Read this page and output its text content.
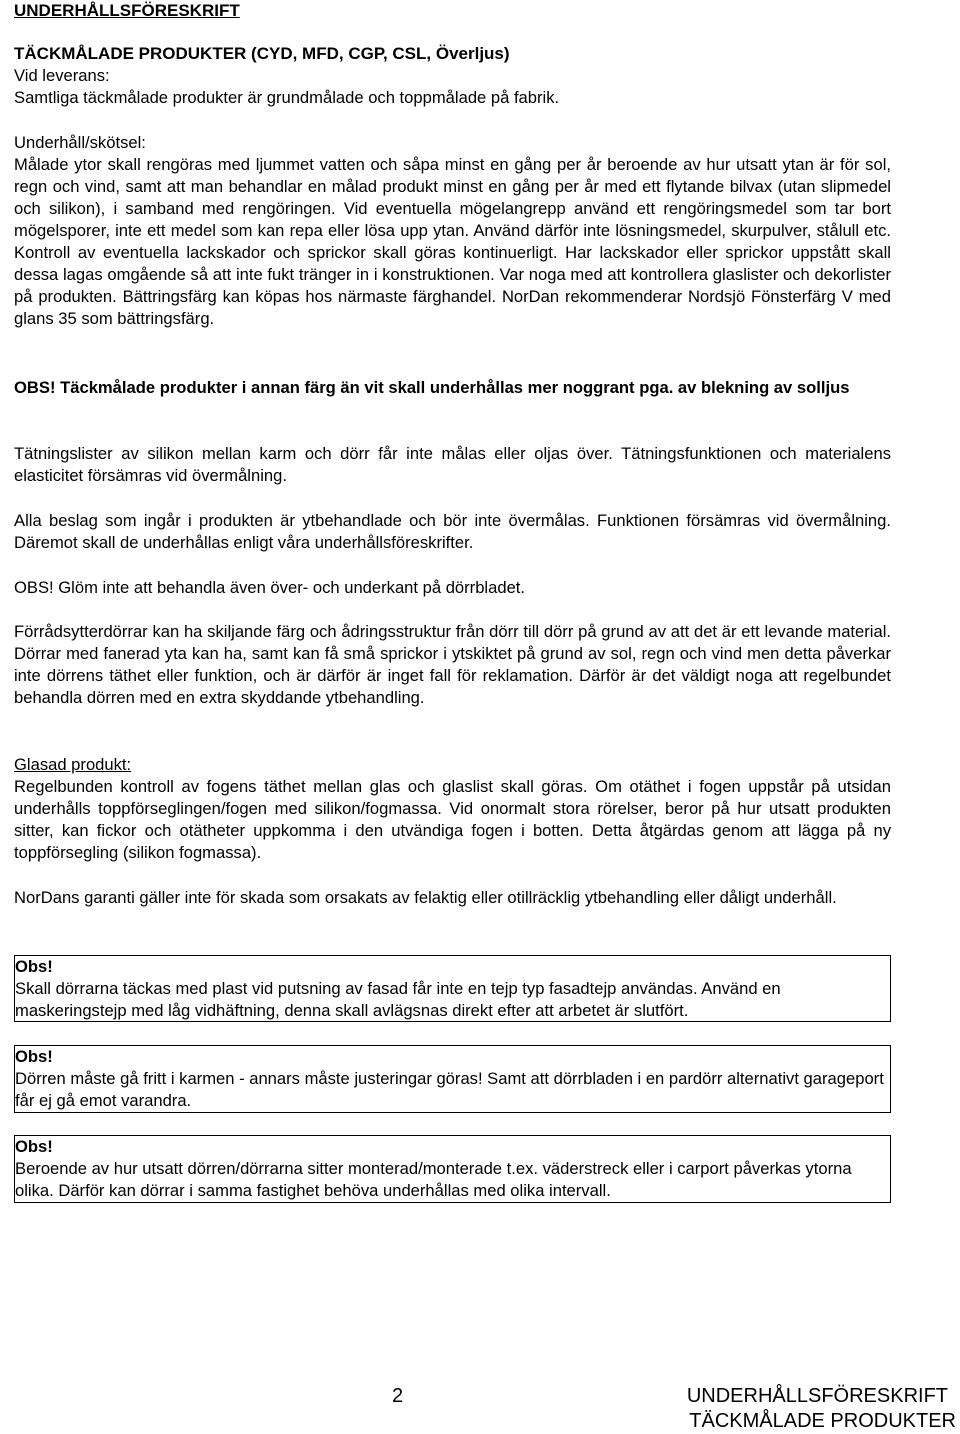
UNDERHÅLLSFÖRESKRIFT
TÄCKMÅLADE PRODUKTER (CYD, MFD, CGP, CSL, Överljus)

Vid leverans:

Samtliga täckmålade produkter är grundmålade och toppmålade på fabrik.

Underhåll/skötsel:

Målade ytor skall rengöras med ljummet vatten och såpa minst en gång per år beroende av hur utsatt ytan är för sol, regn och vind, samt att man behandlar en målad produkt minst en gång per år med ett flytande bilvax (utan slipmedel och silikon), i samband med rengöringen. Vid eventuella mögelangrepp använd ett rengöringsmedel som tar bort mögelsporer, inte ett medel som kan repa eller lösa upp ytan. Använd därför inte lösningsmedel, skurpulver, stålull etc. Kontroll av eventuella lackskador och sprickor skall göras kontinuerligt. Har lackskador eller sprickor uppstått skall dessa lagas omgående så att inte fukt tränger in i konstruktionen. Var noga med att kontrollera glaslister och dekorlister på produkten. Bättringsfärg kan köpas hos närmaste färghandel. NorDan rekommenderar Nordsjö Fönsterfärg V med glans 35 som bättringsfärg.

OBS! Täckmålade produkter i annan färg än vit skall underhållas mer noggrant pga. av blekning av solljus
Tätningslister av silikon mellan karm och dörr får inte målas eller oljas över. Tätningsfunktionen och materialens elasticitet försämras vid övermålning.
Alla beslag som ingår i produkten är ytbehandlade och bör inte övermålas. Funktionen försämras vid övermålning. Däremot skall de underhållas enligt våra underhållsföreskrifter.
OBS! Glöm inte att behandla även över- och underkant på dörrbladet.
Förrådsytterdörrar kan ha skiljande färg och ådringsstruktur från dörr till dörr på grund av att det är ett levande material. Dörrar med fanerad yta kan ha, samt kan få små sprickor i ytskiktet på grund av sol, regn och vind men detta påverkar inte dörrens täthet eller funktion, och är därför är inget fall för reklamation. Därför är det väldigt noga att regelbundet behandla dörren med en extra skyddande ytbehandling.

Glasad produkt:

Regelbunden kontroll av fogens täthet mellan glas och glaslist skall göras. Om otäthet i fogen uppstår på utsidan underhålls toppförseglingen/fogen med silikon/fogmassa. Vid onormalt stora rörelser, beror på hur utsatt produkten sitter, kan fickor och otätheter uppkomma i den utvändiga fogen i botten. Detta åtgärdas genom att lägga på ny toppförsegling (silikon fogmassa).

NorDans garanti gäller inte för skada som orsakats av felaktig eller otillräcklig ytbehandling eller dåligt underhåll.

Obs!

Skall dörrarna täckas med plast vid putsning av fasad får inte en tejp typ fasadtejp användas. Använd en maskeringstejp med låg vidhäftning, denna skall avlägsnas direkt efter att arbetet är slutfört.

Obs!

Dörren måste gå fritt i karmen - annars måste justeringar göras! Samt att dörrbladen i en pardörr alternativt garageport får ej gå emot varandra.

Obs!

Beroende av hur utsatt dörren/dörrarna sitter monterad/monterade t.ex. väderstreck eller i carport påverkas ytorna olika. Därför kan dörrar i samma fastighet behöva underhållas med olika intervall.

2	UNDERHÅLLSFÖRESKRIFT
TÄCKMÅLADE PRODUKTER
